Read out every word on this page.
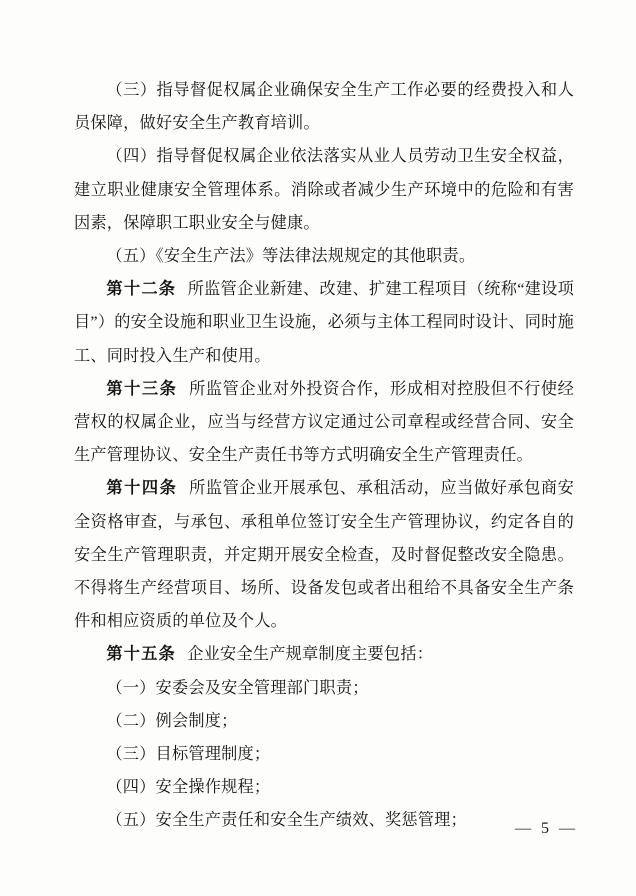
（三）指导督促权属企业确保安全生产工作必要的经费投入和人员保障，做好安全生产教育培训。

（四）指导督促权属企业依法落实从业人员劳动卫生安全权益，建立职业健康安全管理体系。消除或者减少生产环境中的危险和有害因素，保障职工职业安全与健康。

（五）《安全生产法》等法律法规规定的其他职责。

第十二条 所监管企业新建、改建、扩建工程项目（统称“建设项目”）的安全设施和职业卫生设施，必须与主体工程同时设计、同时施工、同时投入生产和使用。

第十三条 所监管企业对外投资合作，形成相对控股但不行使经营权的权属企业，应当与经营方议定通过公司章程或经营合同、安全生产管理协议、安全生产责任书等方式明确安全生产管理责任。

第十四条 所监管企业开展承包、承租活动，应当做好承包商安全资格审查，与承包、承租单位签订安全生产管理协议，约定各自的安全生产管理职责，并定期开展安全检查，及时督促整改安全隐患。不得将生产经营项目、场所、设备发包或者出租给不具备安全生产条件和相应资质的单位及个人。

第十五条 企业安全生产规章制度主要包括：

（一）安委会及安全管理部门职责；

（二）例会制度；

（三）目标管理制度；

（四）安全操作规程；

（五）安全生产责任和安全生产绩效、奖惩管理；	— 5 —
